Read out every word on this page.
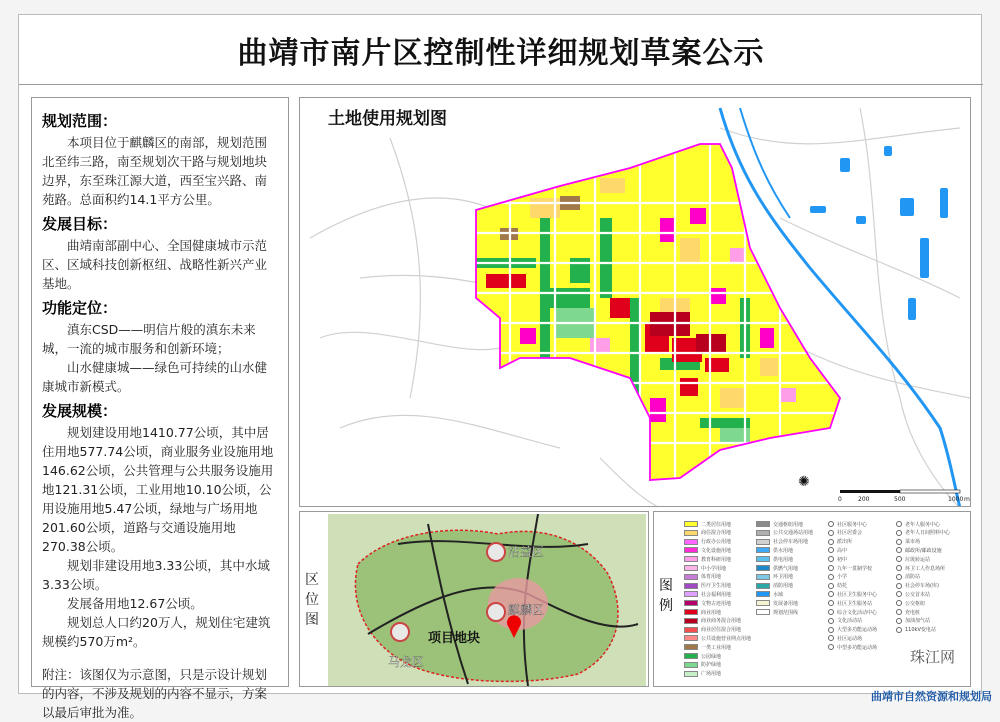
曲靖市南片区控制性详细规划草案公示
规划范围：

本项目位于麒麟区的南部，规划范围北至纬三路，南至规划次干路与规划地块边界，东至珠江源大道，西至宝兴路、南苑路。总面积约14.1平方公里。

发展目标：

曲靖南部副中心、全国健康城市示范区、区域科技创新枢纽、战略性新兴产业基地。

功能定位：

滇东CSD——明信片般的滇东未来城，一流的城市服务和创新环境；

山水健康城——绿色可持续的山水健康城市新模式。

发展规模：

规划建设用地1410.77公顷，其中居住用地577.74公顷，商业服务业设施用地146.62公顷，公共管理与公共服务设施用地121.31公顷，工业用地10.10公顷，公用设施用地5.47公顷，绿地与广场用地201.60公顷，道路与交通设施用地270.38公顷。

规划非建设用地3.33公顷，其中水域3.33公顷。

发展备用地12.67公顷。

规划总人口约20万人，规划住宅建筑规模约570万m²。

附注：该图仅为示意图，只是示设计规划的内容，不涉及规划的内容不显示，方案以最后审批为准。

✺
0	200	500	1000 m
土地使用规划图
区位图
沾益区
麒麟区
马龙区
项目地块
图例
二类居住用地
商住混合用地
行政办公用地
文化设施用地
教育科研用地
中小学用地
体育用地
医疗卫生用地
社会福利用地
文物古迹用地
商业用地
商业商务混合用地
商业居住混合用地
公共设施营业网点用地
一类工业用地
公园绿地
防护绿地
广场用地
交通枢纽用地
公共交通场站用地
社会停车场用地
供水用地
供电用地
供燃气用地
环卫用地
消防用地
水域
发展备用地
规划范围线
社区服务中心
社区居委会
派出所
高中
初中
九年一贯制学校
小学
幼托
社区卫生服务中心
社区卫生服务站
综合文化活动中心
文化活动站
大型多功能运动场
社区运动场
中型多功能运动场
老年人服务中心
老年人日间照料中心
菜市场
邮政所/邮政设施
垃圾转运站
环卫工人作息场所
消防站
社会停车场(库)
公交首末站
公交枢纽
充电桩
加油加气站
110kV变电站
珠江网
曲靖市自然资源和规划局
